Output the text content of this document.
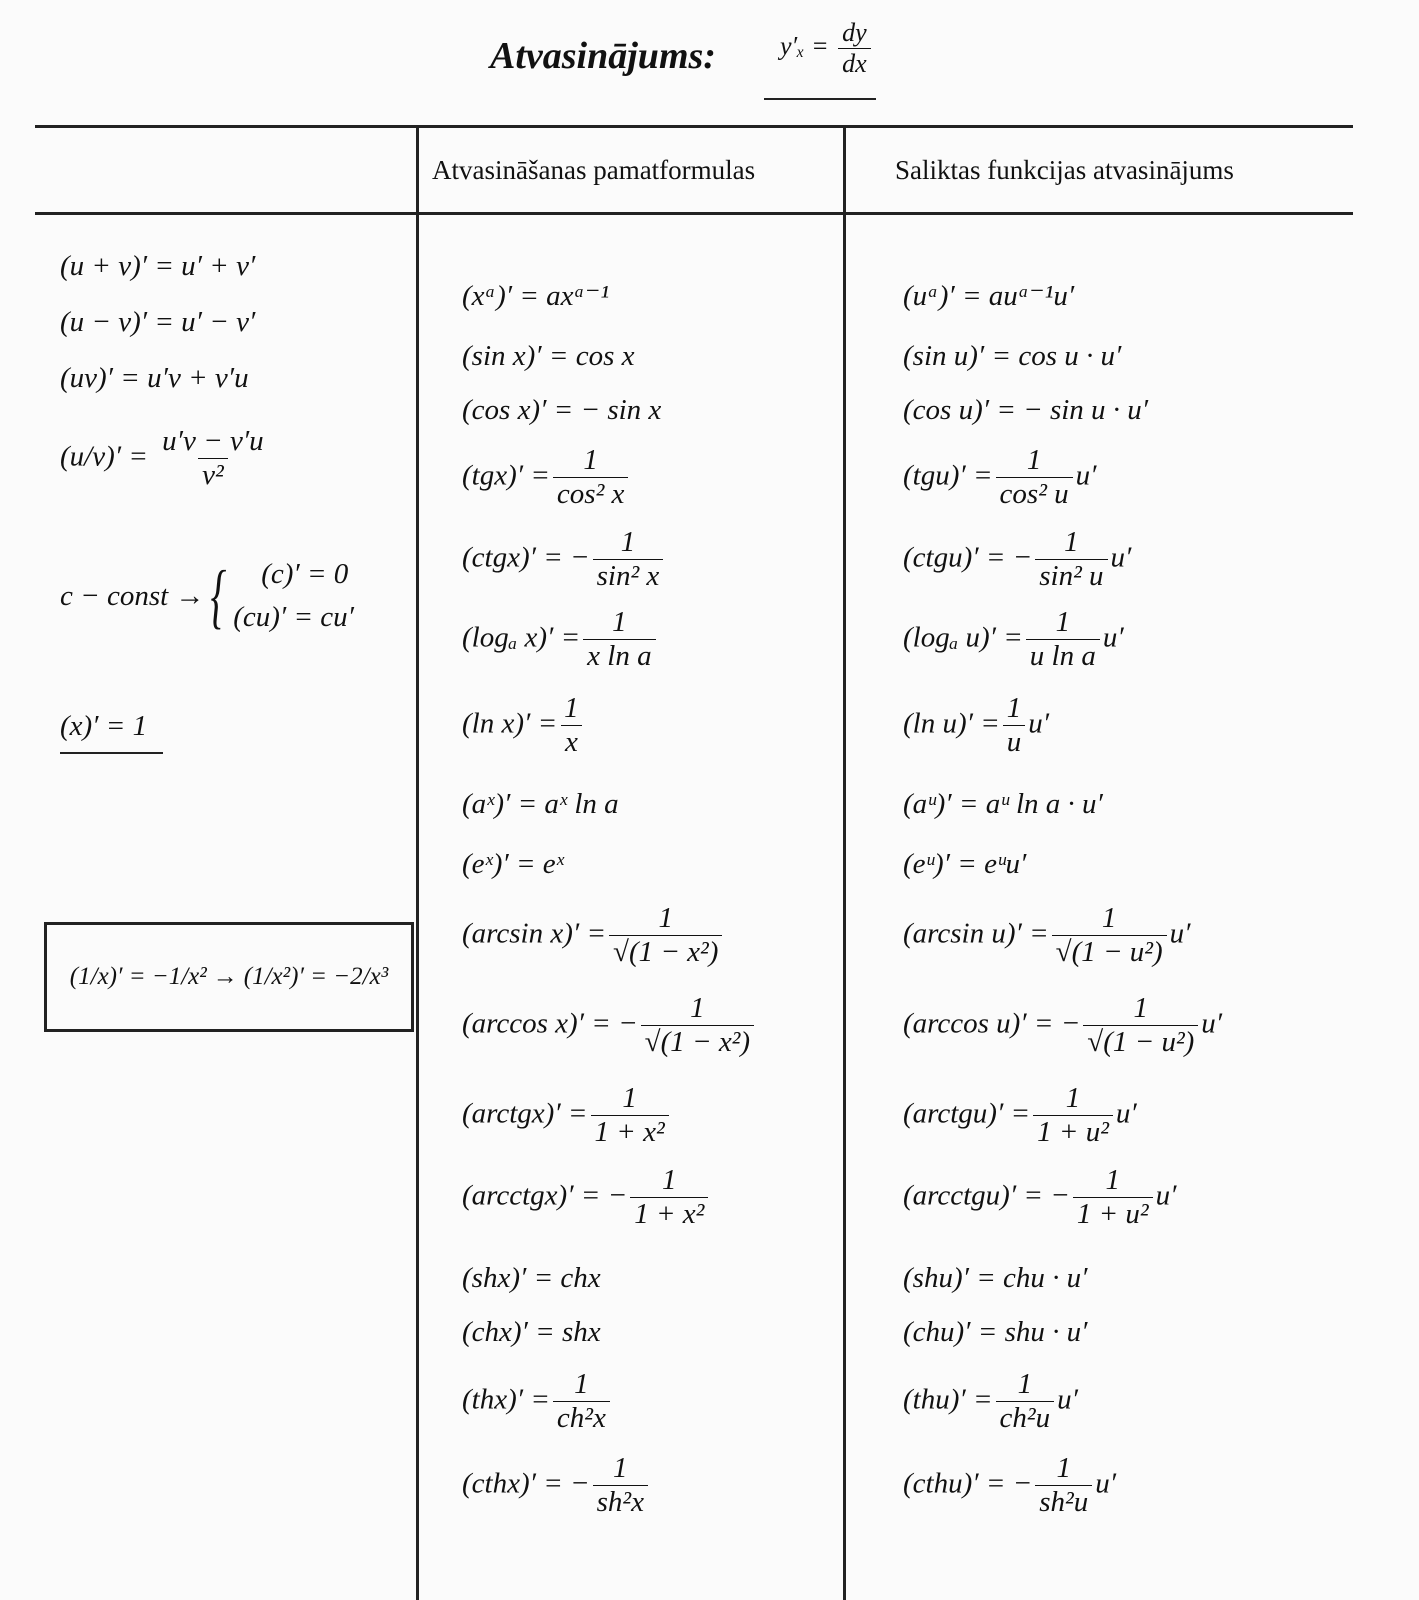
Atvasinājums: $y'_x = \frac{dy}{dx}$
Atvasināšanas pamatformulas	Saliktas funkcijas atvasinājums
(u + v)′ = u′ + v′
(u − v)′ = u′ − v′
(uv)′ = u′v + v′u
$(u/v)' = \frac{u'v - v'u}{\text{v²}}$
c − const → {	(c)′ = 0
(cu)′ = cu′
(x)′ = 1
(1/x)′ = −1/x² → (1/x²)′ = −2/x³
(xᵃ)′ = axᵃ⁻¹
(sin x)′ = cos x
(cos x)′ = − sin x
$(tgx)' = \frac{1}{\text{cos² x}}$
(ctgx)′ = − $\frac{1}{\text{sin² x}}$
(logₐ $x)' = \frac{1}{\text{x ln a}}$
(ln $x)' = \frac{1}{x}$
(aˣ)′ = aˣ ln a
(eˣ)′ = eˣ
(arcsin $x)' = \frac{1}{\text{√(1 − x²)}}$
(arccos x)′ = − $\frac{1}{\text{√(1 − x²)}}$
(arctgx)′ = $\frac{1}{\text{1 + x²}}$
(arcctgx)′ = − $\frac{1}{\text{1 + x²}}$
(shx)′ = chx
(chx)′ = shx
$(thx)' = \frac{1}{\text{ch²x}}$
(cthx)′ = − $\frac{1}{\text{sh²x}}$
(uᵃ)′ = auᵃ⁻¹u′
(sin u)′ = cos u · u′
(cos u)′ = − sin u · u′
$(tgu)' = \frac{1}{\text{cos² u}} u'$
(ctgu)′ = − $\frac{1}{\text{sin² u}} u'$
(logₐ $u)' = \frac{1}{\text{u ln a}} u'$
(ln $u)' = \frac{1}{u} u'$
(aᵘ)′ = aᵘ ln a · u′
(eᵘ)′ = eᵘu′
(arcsin $u)' = \frac{1}{\text{√(1 − u²)}} u'$
(arccos u)′ = − $\frac{1}{\text{√(1 − u²)}} u'$
(arctgu)′ = $\frac{1}{\text{1 + u²}} u'$
(arcctgu)′ = − $\frac{1}{\text{1 + u²}} u'$
(shu)′ = chu · u′
(chu)′ = shu · u′
$(thu)' = \frac{1}{\text{ch²u}} u'$
(cthu)′ = − $\frac{1}{\text{sh²u}} u'$
